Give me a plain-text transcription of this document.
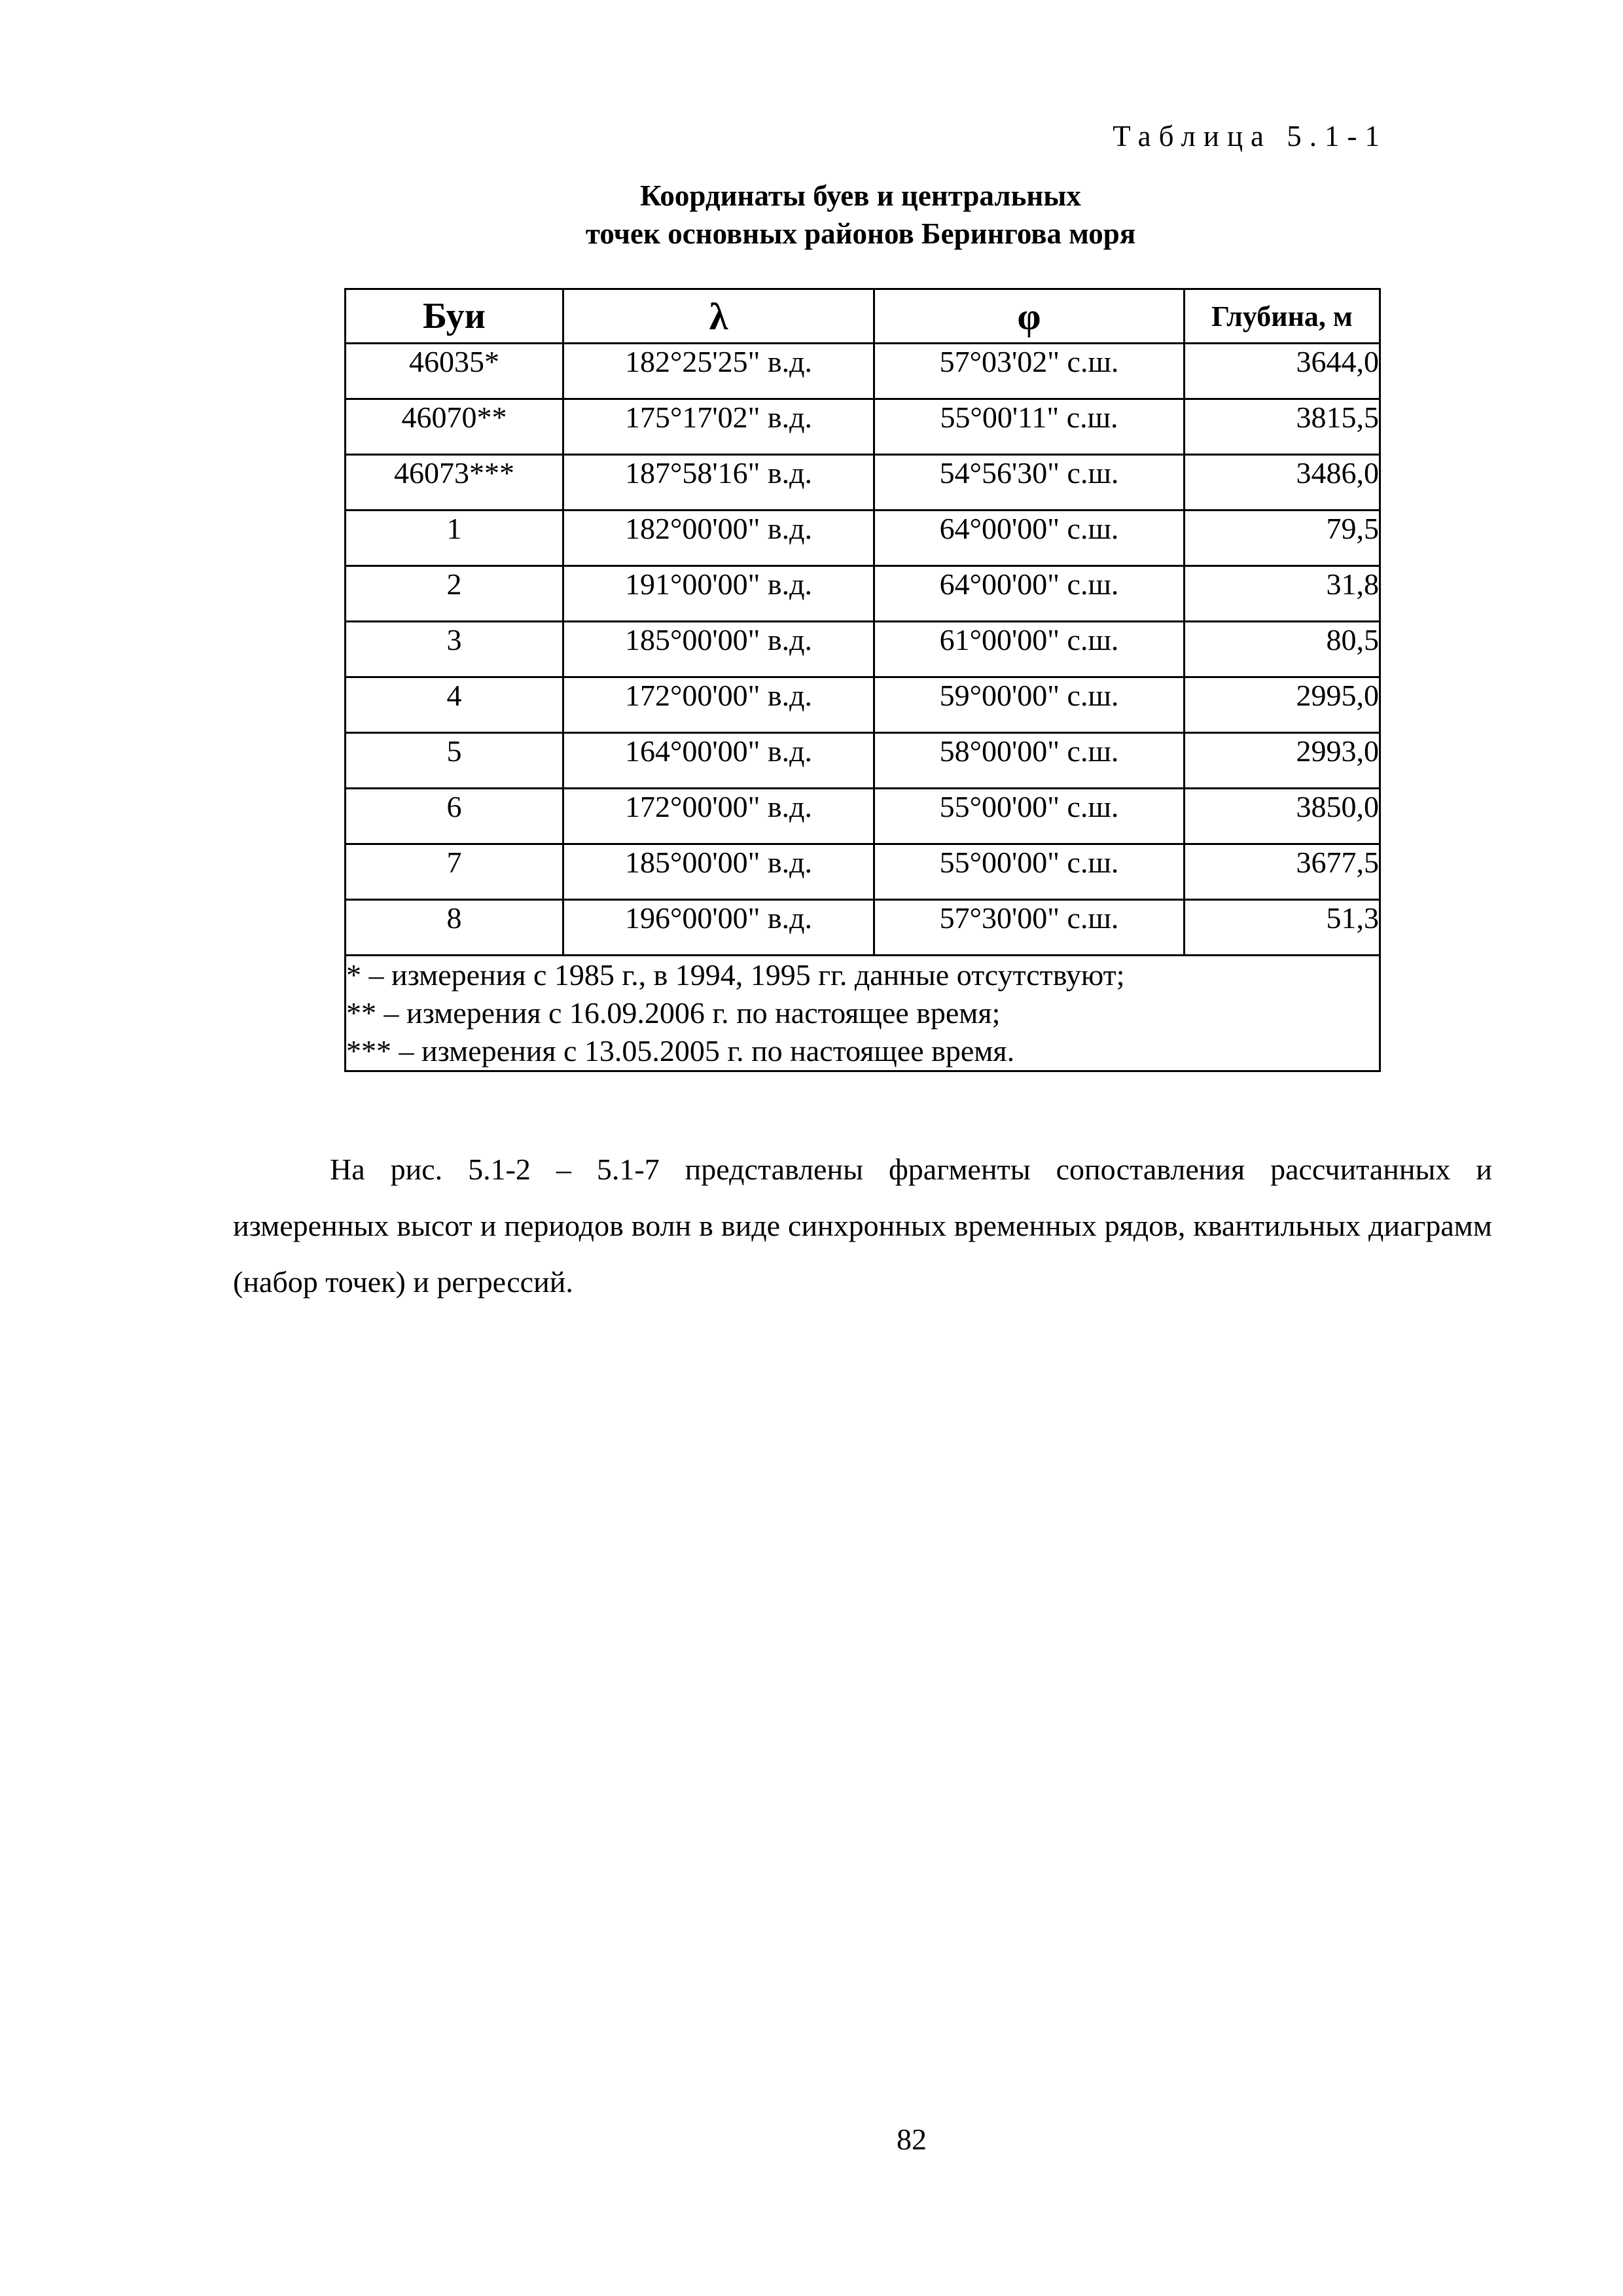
Таблица 5.1-1
Координаты буев и центральных
точек основных районов Берингова моря
Буи	λ	φ	Глубина, м
46035*	182°25'25" в.д.	57°03'02" с.ш.	3644,0
46070**	175°17'02" в.д.	55°00'11" с.ш.	3815,5
46073***	187°58'16" в.д.	54°56'30" с.ш.	3486,0
1	182°00'00" в.д.	64°00'00" с.ш.	79,5
2	191°00'00" в.д.	64°00'00" с.ш.	31,8
3	185°00'00" в.д.	61°00'00" с.ш.	80,5
4	172°00'00" в.д.	59°00'00" с.ш.	2995,0
5	164°00'00" в.д.	58°00'00" с.ш.	2993,0
6	172°00'00" в.д.	55°00'00" с.ш.	3850,0
7	185°00'00" в.д.	55°00'00" с.ш.	3677,5
8	196°00'00" в.д.	57°30'00" с.ш.	51,3

* – измерения с 1985 г., в 1994, 1995 гг. данные отсутствуют;
** – измерения с 16.09.2006 г. по настоящее время;
*** – измерения с 13.05.2005 г. по настоящее время.			
На рис. 5.1-2 – 5.1-7 представлены фрагменты сопоставления рассчитанных и измеренных высот и периодов волн в виде синхронных временных рядов, квантильных диаграмм (набор точек) и регрессий.
82
